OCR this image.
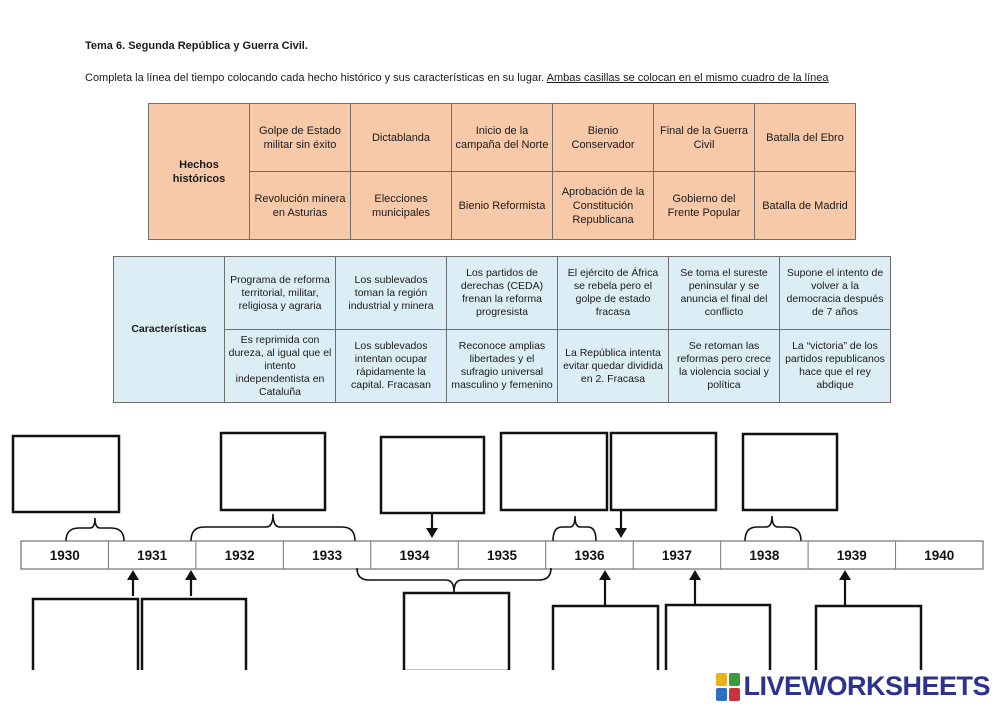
Tema 6. Segunda República y Guerra Civil.
Completa la línea del tiempo colocando cada hecho histórico y sus características en su lugar. Ambas casillas se colocan en el mismo cuadro de la línea
Hechos históricos	Golpe de Estado militar sin éxito	Dictablanda	Inicio de la campaña del Norte	Bienio Conservador	Final de la Guerra Civil	Batalla del Ebro
	Revolución minera en Asturias	Elecciones municipales	Bienio Reformista	Aprobación de la Constitución Republicana	Gobierno del Frente Popular	Batalla de Madrid
Características	Programa de reforma territorial, militar, religiosa y agraria	Los sublevados toman la región industrial y minera	Los partidos de derechas (CEDA) frenan la reforma progresista	El ejército de África se rebela pero el golpe de estado fracasa	Se toma el sureste peninsular y se anuncia el final del conflicto	Supone el intento de volver a la democracia después de 7 años
	Es reprimida con dureza, al igual que el intento independentista en Cataluña	Los sublevados intentan ocupar rápidamente la capital. Fracasan	Reconoce amplias libertades y el sufragio universal masculino y femenino	La República intenta evitar quedar dividida en 2. Fracasa	Se retoman las reformas pero crece la violencia social y política	La “victoria” de los partidos republicanos hace que el rey abdique
1930	1931	1932	1933	1934	1935	1936	1937	1938	1939	1940
LIVEWORKSHEETS
